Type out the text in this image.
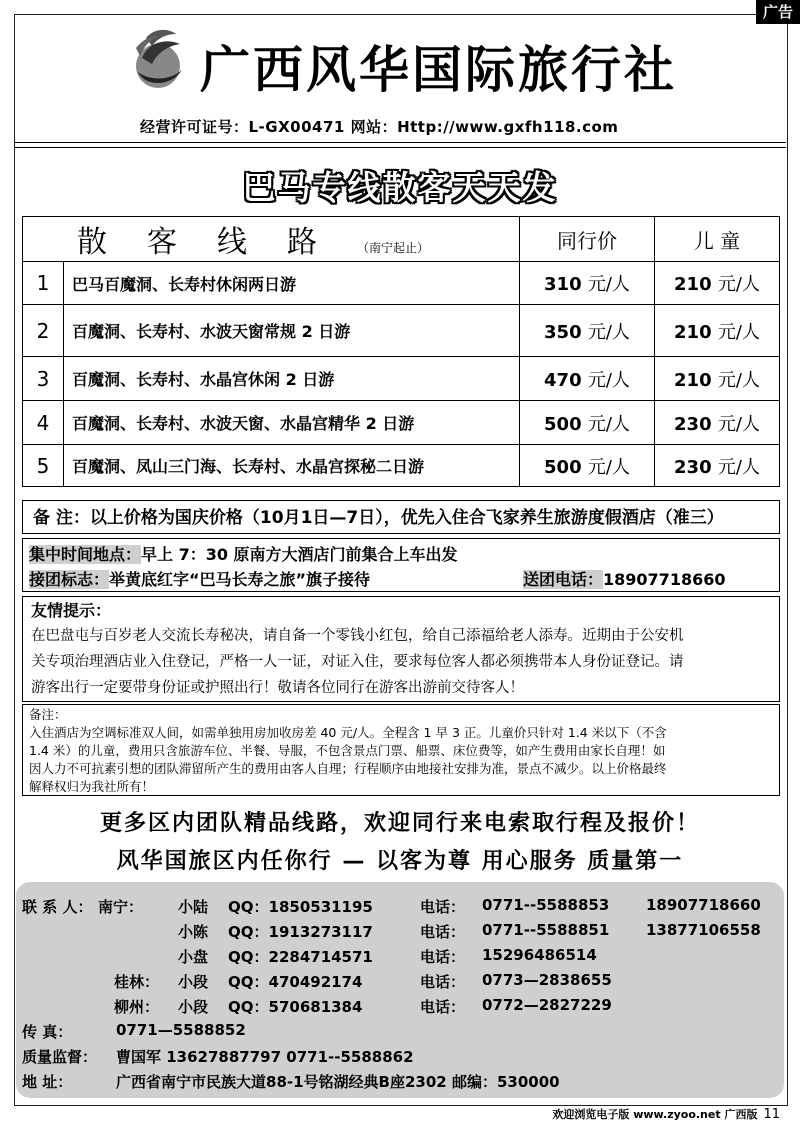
广告
广西风华国际旅行社
经营许可证号：L-GX00471 网站：Http://www.gxfh118.com
巴马专线散客天天发
散客线路（南宁起止）		同行价	儿 童
1	巴马百魔洞、长寿村休闲两日游	310 元/人	210 元/人
2	百魔洞、长寿村、水波天窗常规 2 日游	350 元/人	210 元/人
3	百魔洞、长寿村、水晶宫休闲 2 日游	470 元/人	210 元/人
4	百魔洞、长寿村、水波天窗、水晶宫精华 2 日游	500 元/人	230 元/人
5	百魔洞、凤山三门海、长寿村、水晶宫探秘二日游	500 元/人	230 元/人
备 注：以上价格为国庆价格（10月1日—7日），优先入住合飞家养生旅游度假酒店（准三）
集中时间地点：早上 7：30 原南方大酒店门前集合上车出发
接团标志：举黄底红字“巴马长寿之旅”旗子接待	送团电话：18907718660
友情提示：
在巴盘屯与百岁老人交流长寿秘决，请自备一个零钱小红包，给自己添福给老人添寿。近期由于公安机
关专项治理酒店业入住登记，严格一人一证，对证入住，要求每位客人都必须携带本人身份证登记。请
游客出行一定要带身份证或护照出行！敬请各位同行在游客出游前交待客人！
备注：
入住酒店为空调标准双人间，如需单独用房加收房差 40 元/人。全程含 1 早 3 正。儿童价只针对 1.4 米以下（不含
1.4 米）的儿童，费用只含旅游车位、半餐、导服，不包含景点门票、船票、床位费等，如产生费用由家长自理！如
因人力不可抗素引想的团队滞留所产生的费用由客人自理；行程顺序由地接社安排为准，景点不减少。以上价格最终
解释权归为我社所有！
更多区内团队精品线路，欢迎同行来电索取行程及报价！
风华国旅区内任你行 — 以客为尊 用心服务 质量第一
联 系 人： 南宁： 小陆 QQ：1850531195	电话： 0771--5588853 18907718660
小陈 QQ：1913273117	电话： 0771--5588851 13877106558
小盘 QQ：2284714571	电话： 15296486514
桂林： 小段 QQ：470492174	电话： 0773—2838655
柳州： 小段 QQ：570681384	电话： 0772—2827229
传 真：	0771—5588852
质量监督： 曹国军 13627887797 0771--5588862
地 址：	广西省南宁市民族大道88-1号铭湖经典B座2302 邮编：530000
欢迎浏览电子版 www.zyoo.net 广西版 11
